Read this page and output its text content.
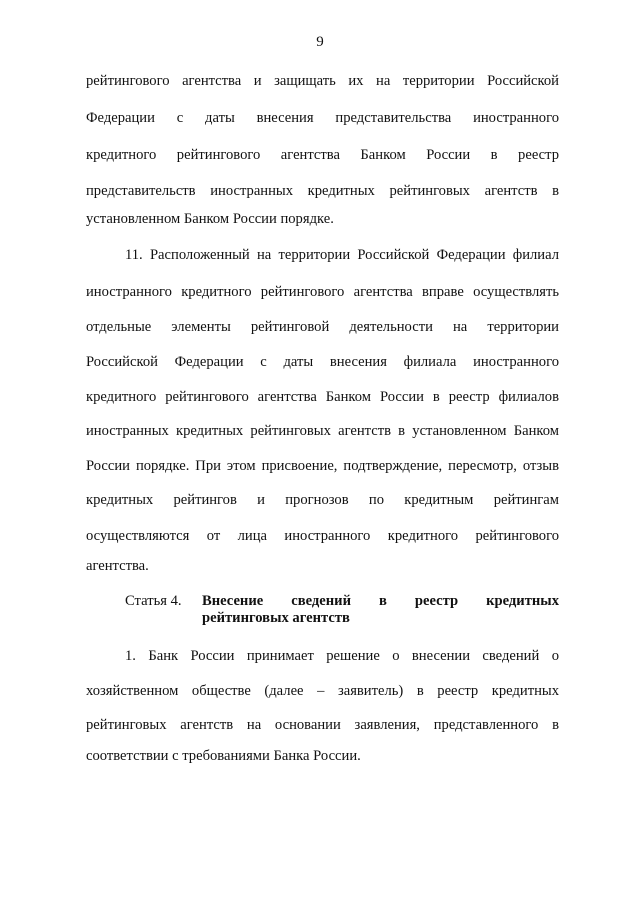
9
рейтингового агентства и защищать их на территории Российской
Федерации с даты внесения представительства иностранного
кредитного рейтингового агентства Банком России в реестр
представительств иностранных кредитных рейтинговых агентств в
установленном Банком России порядке.
11. Расположенный на территории Российской Федерации филиал
иностранного кредитного рейтингового агентства вправе осуществлять
отдельные элементы рейтинговой деятельности на территории
Российской Федерации с даты внесения филиала иностранного
кредитного рейтингового агентства Банком России в реестр филиалов
иностранных кредитных рейтинговых агентств в установленном Банком
России порядке. При этом присвоение, подтверждение, пересмотр, отзыв
кредитных рейтингов и прогнозов по кредитным рейтингам
осуществляются от лица иностранного кредитного рейтингового
агентства.
Статья 4. Внесение сведений в реестр кредитных
рейтинговых агентств
1. Банк России принимает решение о внесении сведений о
хозяйственном обществе (далее – заявитель) в реестр кредитных
рейтинговых агентств на основании заявления, представленного в
соответствии с требованиями Банка России.
